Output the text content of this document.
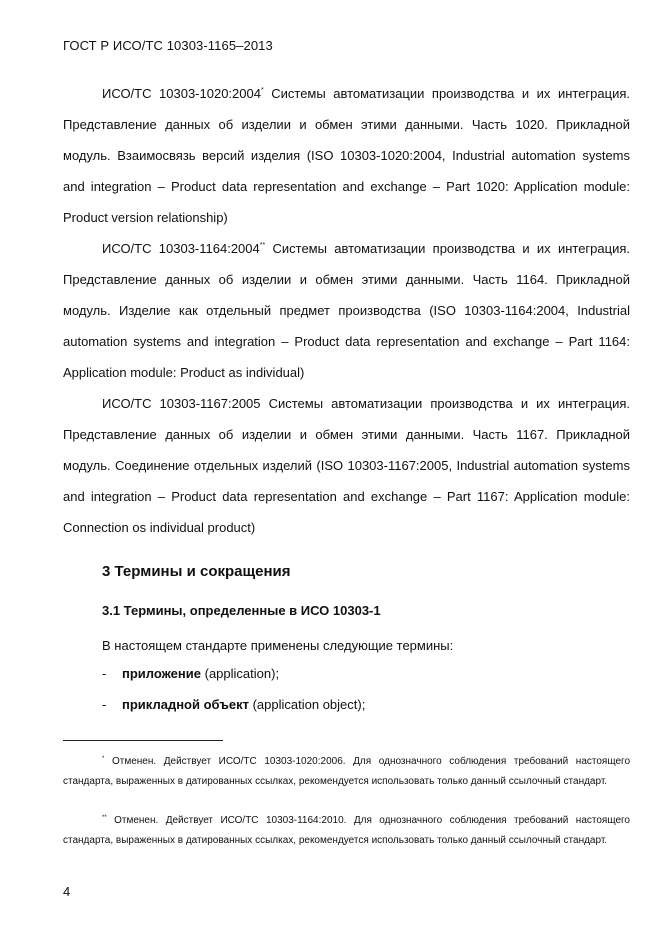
ГОСТ Р ИСО/ТС 10303-1165–2013

ИСО/ТС 10303-1020:2004* Системы автоматизации производства и их интеграция. Представление данных об изделии и обмен этими данными. Часть 1020. Прикладной модуль. Взаимосвязь версий изделия (ISO 10303-1020:2004, Industrial automation systems and integration – Product data representation and exchange – Part 1020: Application module: Product version relationship)

ИСО/ТС 10303-1164:2004** Системы автоматизации производства и их интеграция. Представление данных об изделии и обмен этими данными. Часть 1164. Прикладной модуль. Изделие как отдельный предмет производства (ISO 10303-1164:2004, Industrial automation systems and integration – Product data representation and exchange – Part 1164: Application module: Product as individual)

ИСО/ТС 10303-1167:2005 Системы автоматизации производства и их интеграция. Представление данных об изделии и обмен этими данными. Часть 1167. Прикладной модуль. Соединение отдельных изделий (ISO 10303-1167:2005, Industrial automation systems and integration – Product data representation and exchange – Part 1167: Application module: Connection os individual product)

3 Термины и сокращения
3.1 Термины, определенные в ИСО 10303-1
В настоящем стандарте применены следующие термины:
- приложение (application);
- прикладной объект (application object);

* Отменен. Действует ИСО/ТС 10303-1020:2006. Для однозначного соблюдения требований настоящего стандарта, выраженных в датированных ссылках, рекомендуется использовать только данный ссылочный стандарт.

** Отменен. Действует ИСО/ТС 10303-1164:2010. Для однозначного соблюдения требований настоящего стандарта, выраженных в датированных ссылках, рекомендуется использовать только данный ссылочный стандарт.

4
